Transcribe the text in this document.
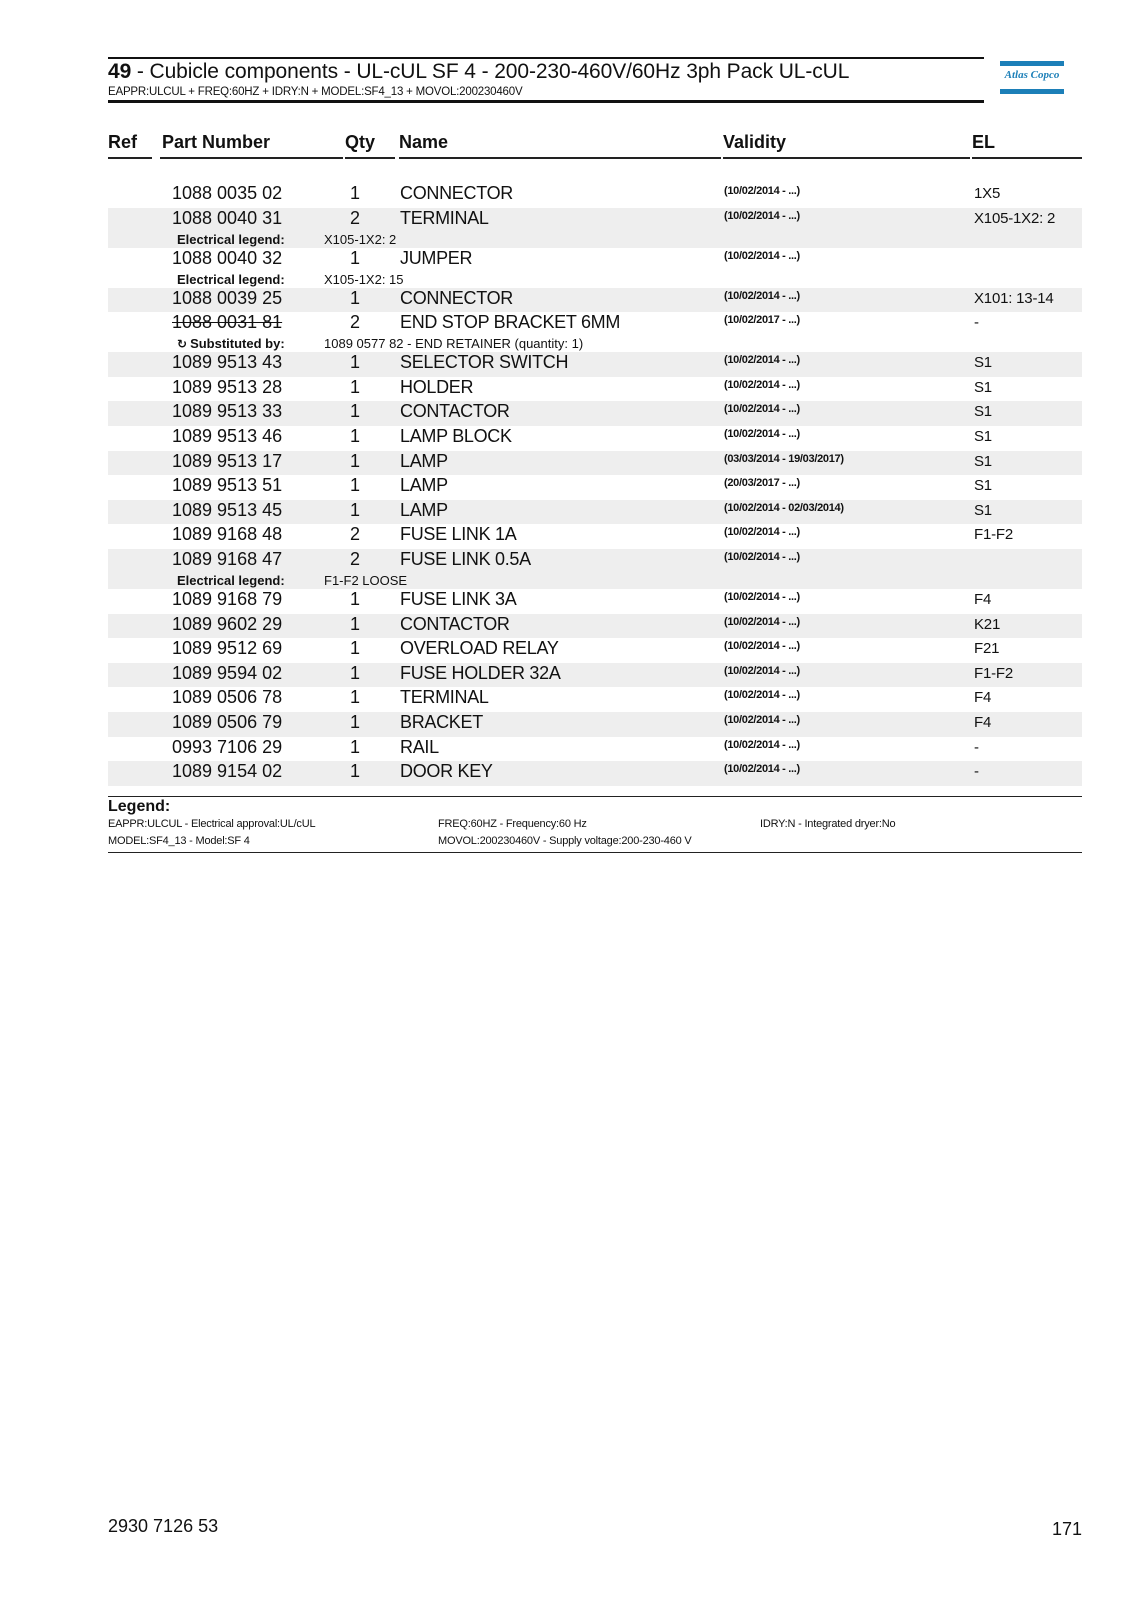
49 - Cubicle components - UL-cUL SF 4 - 200-230-460V/60Hz 3ph Pack UL-cUL
EAPPR:ULCUL + FREQ:60HZ + IDRY:N + MODEL:SF4_13 + MOVOL:200230460V
Atlas Copco
Ref Part Number	Qty Name	Validity	EL
1088 0035 02	1 CONNECTOR	(10/02/2014 - ...)	1X5
1088 0040 31	2 TERMINAL	(10/02/2014 - ...)	X105-1X2: 2
Electrical legend:	X105-1X2: 2
1088 0040 32	1 JUMPER	(10/02/2014 - ...)
Electrical legend:	X105-1X2: 15
1088 0039 25	1 CONNECTOR	(10/02/2014 - ...)	X101: 13-14
1088 0031 81	2 END STOP BRACKET 6MM	(10/02/2017 - ...)	-
↻ Substituted by:	1089 0577 82 - END RETAINER (quantity: 1)
1089 9513 43	1 SELECTOR SWITCH	(10/02/2014 - ...)	S1
1089 9513 28	1 HOLDER	(10/02/2014 - ...)	S1
1089 9513 33	1 CONTACTOR	(10/02/2014 - ...)	S1
1089 9513 46	1 LAMP BLOCK	(10/02/2014 - ...)	S1
1089 9513 17	1 LAMP	(03/03/2014 - 19/03/2017)	S1
1089 9513 51	1 LAMP	(20/03/2017 - ...)	S1
1089 9513 45	1 LAMP	(10/02/2014 - 02/03/2014)	S1
1089 9168 48	2 FUSE LINK 1A	(10/02/2014 - ...)	F1-F2
1089 9168 47	2 FUSE LINK 0.5A	(10/02/2014 - ...)
Electrical legend:	F1-F2 LOOSE
1089 9168 79	1 FUSE LINK 3A	(10/02/2014 - ...)	F4
1089 9602 29	1 CONTACTOR	(10/02/2014 - ...)	K21
1089 9512 69	1 OVERLOAD RELAY	(10/02/2014 - ...)	F21
1089 9594 02	1 FUSE HOLDER 32A	(10/02/2014 - ...)	F1-F2
1089 0506 78	1 TERMINAL	(10/02/2014 - ...)	F4
1089 0506 79	1 BRACKET	(10/02/2014 - ...)	F4
0993 7106 29	1 RAIL	(10/02/2014 - ...)	-
1089 9154 02	1 DOOR KEY	(10/02/2014 - ...)	-
Legend:
EAPPR:ULCUL - Electrical approval:UL/cUL	FREQ:60HZ - Frequency:60 Hz	IDRY:N - Integrated dryer:No
MODEL:SF4_13 - Model:SF 4	MOVOL:200230460V - Supply voltage:200-230-460 V
2930 7126 53	171
